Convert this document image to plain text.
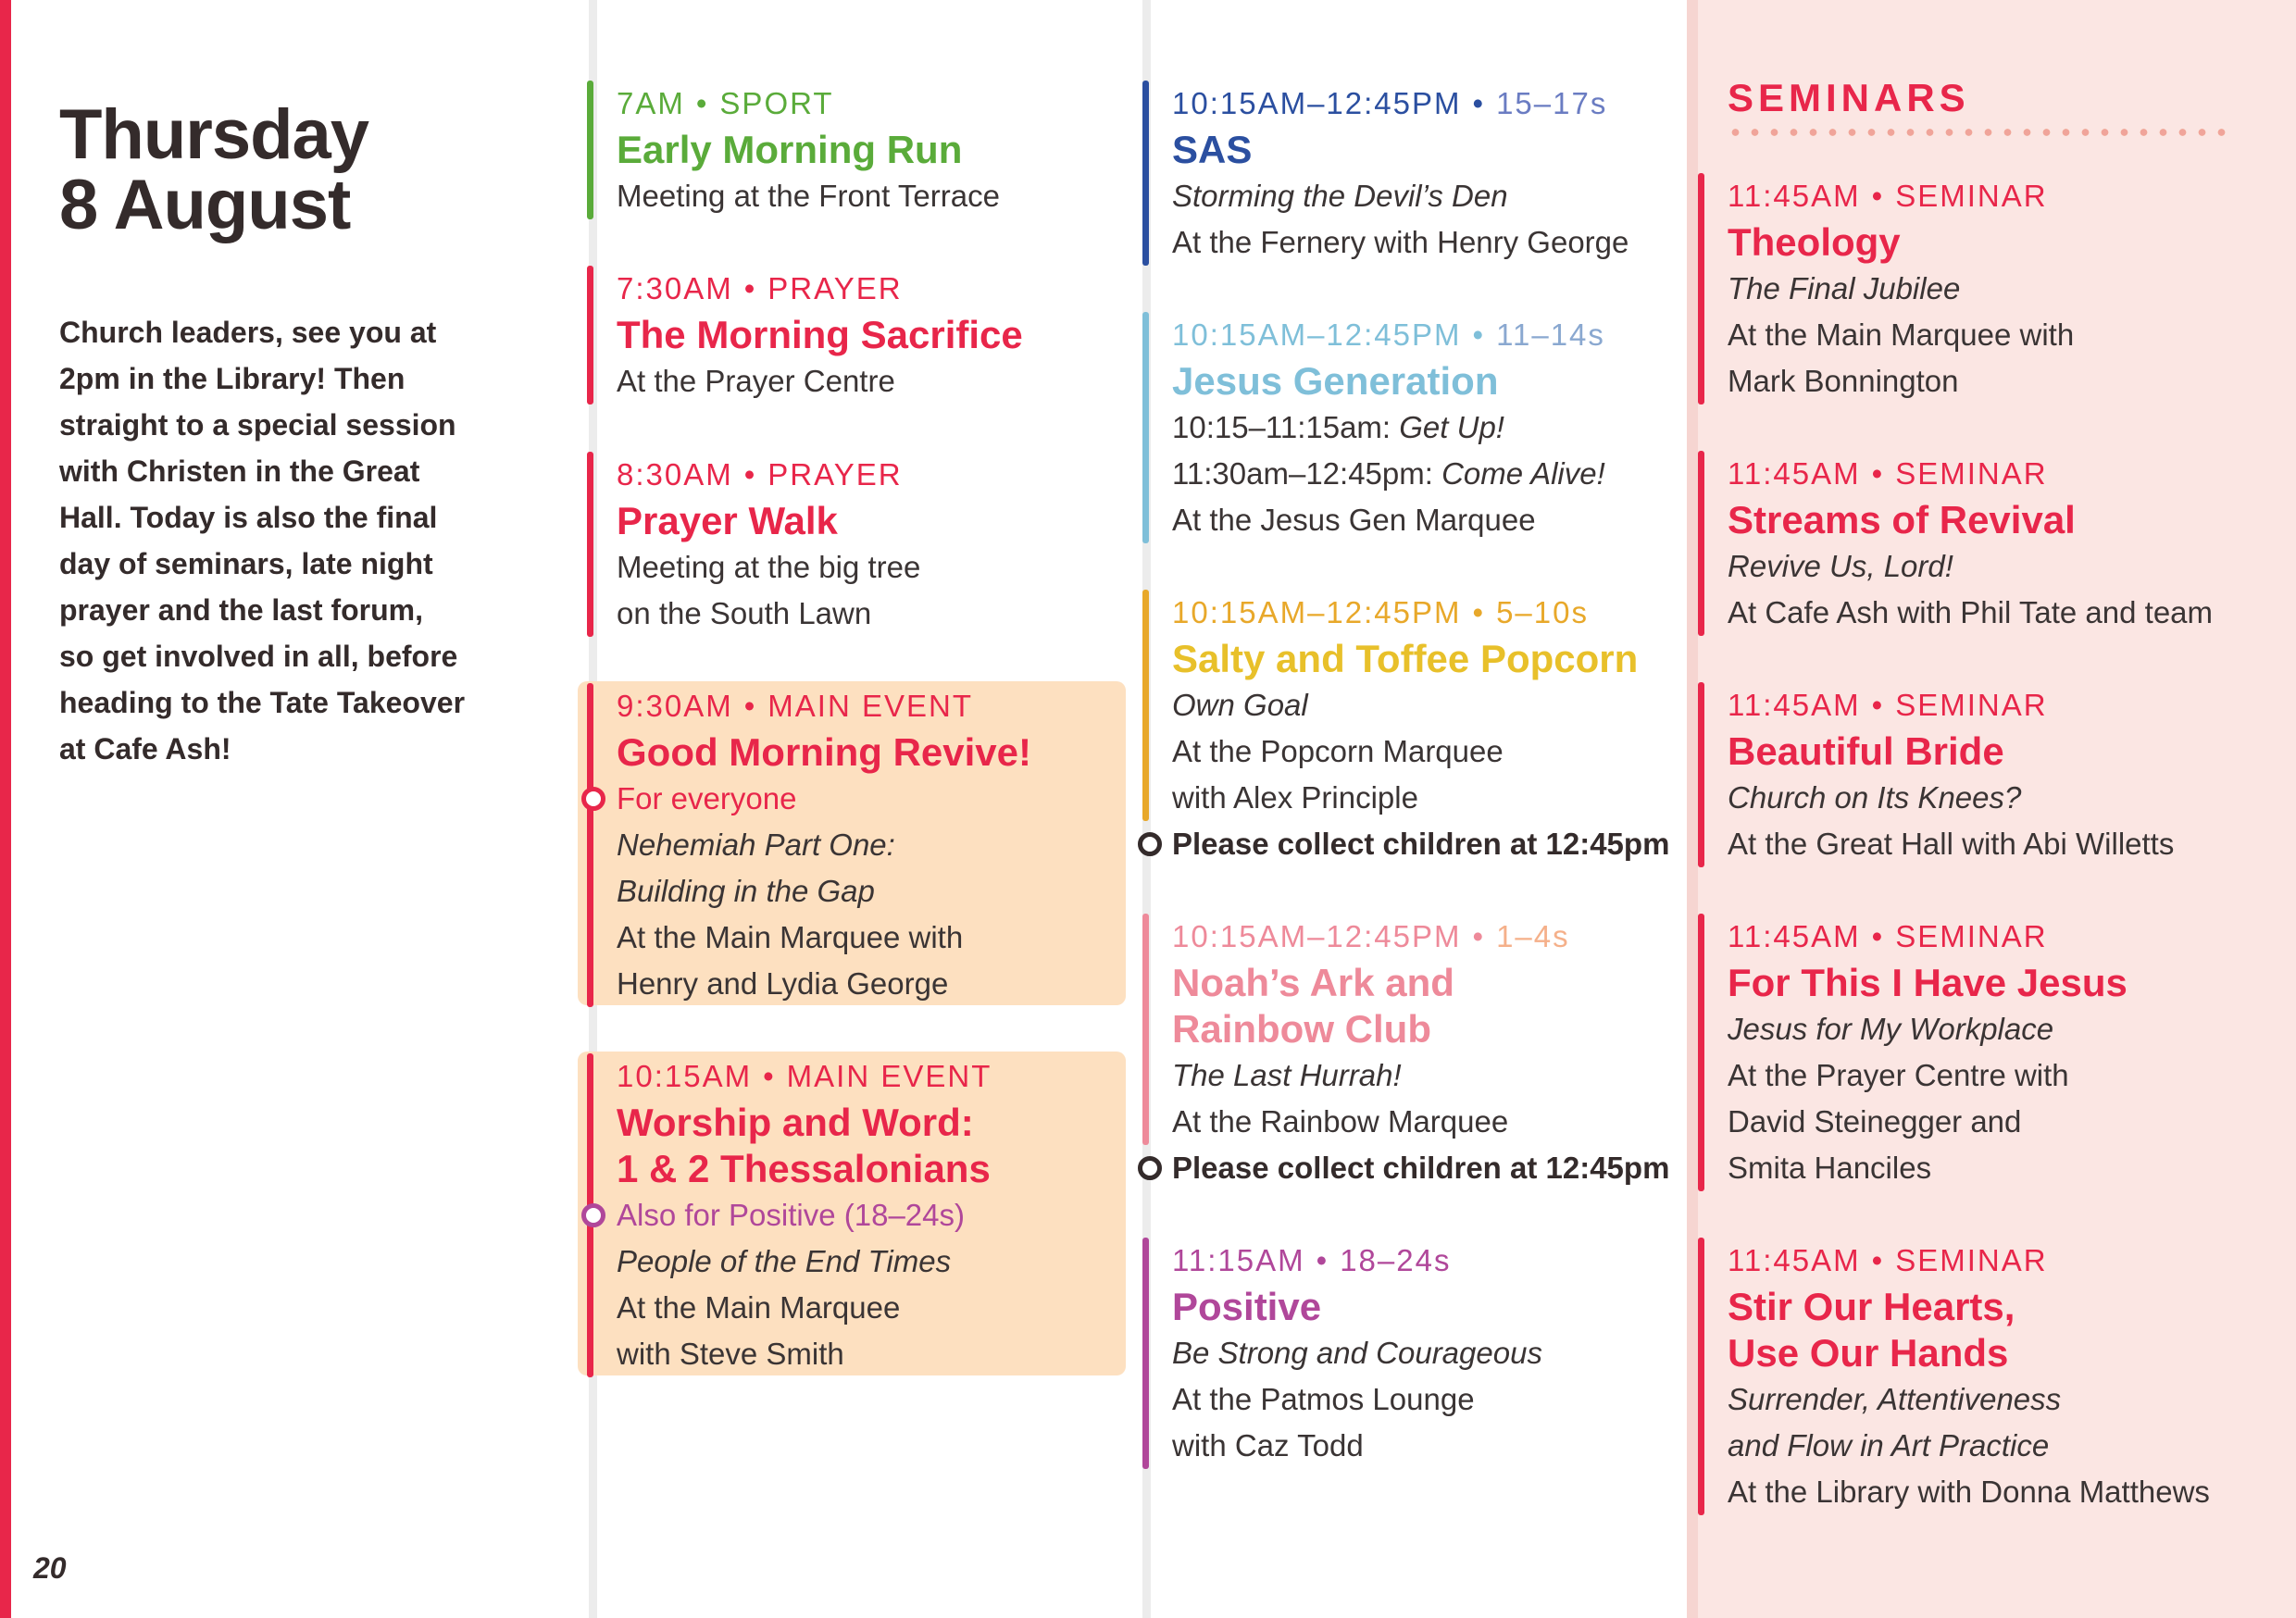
Thursday
8 August
Church leaders, see you at
2pm in the Library! Then
straight to a special session
with Christen in the Great
Hall. Today is also the final
day of seminars, late night
prayer and the last forum,
so get involved in all, before
heading to the Tate Takeover
at Cafe Ash!
20
7AM • SPORT
Early Morning Run
Meeting at the Front Terrace
7:30AM • PRAYER
The Morning Sacrifice
At the Prayer Centre
8:30AM • PRAYER
Prayer Walk
Meeting at the big tree
on the South Lawn
9:30AM • MAIN EVENT
Good Morning Revive!
For everyone
Nehemiah Part One:
Building in the Gap
At the Main Marquee with
Henry and Lydia George
10:15AM • MAIN EVENT
Worship and Word:
1 & 2 Thessalonians
Also for Positive (18–24s)
People of the End Times
At the Main Marquee
with Steve Smith
10:15AM–12:45PM • 15–17s
SAS
Storming the Devil’s Den
At the Fernery with Henry George
10:15AM–12:45PM • 11–14s
Jesus Generation
10:15–11:15am: Get Up!
11:30am–12:45pm: Come Alive!
At the Jesus Gen Marquee
10:15AM–12:45PM • 5–10s
Salty and Toffee Popcorn
Own Goal
At the Popcorn Marquee
with Alex Principle
Please collect children at 12:45pm
10:15AM–12:45PM • 1–4s
Noah’s Ark and
Rainbow Club
The Last Hurrah!
At the Rainbow Marquee
Please collect children at 12:45pm
11:15AM • 18–24s
Positive
Be Strong and Courageous
At the Patmos Lounge
with Caz Todd
SEMINARS
11:45AM • SEMINAR
Theology
The Final Jubilee
At the Main Marquee with
Mark Bonnington
11:45AM • SEMINAR
Streams of Revival
Revive Us, Lord!
At Cafe Ash with Phil Tate and team
11:45AM • SEMINAR
Beautiful Bride
Church on Its Knees?
At the Great Hall with Abi Willetts
11:45AM • SEMINAR
For This I Have Jesus
Jesus for My Workplace
At the Prayer Centre with
David Steinegger and
Smita Hanciles
11:45AM • SEMINAR
Stir Our Hearts,
Use Our Hands
Surrender, Attentiveness
and Flow in Art Practice
At the Library with Donna Matthews
